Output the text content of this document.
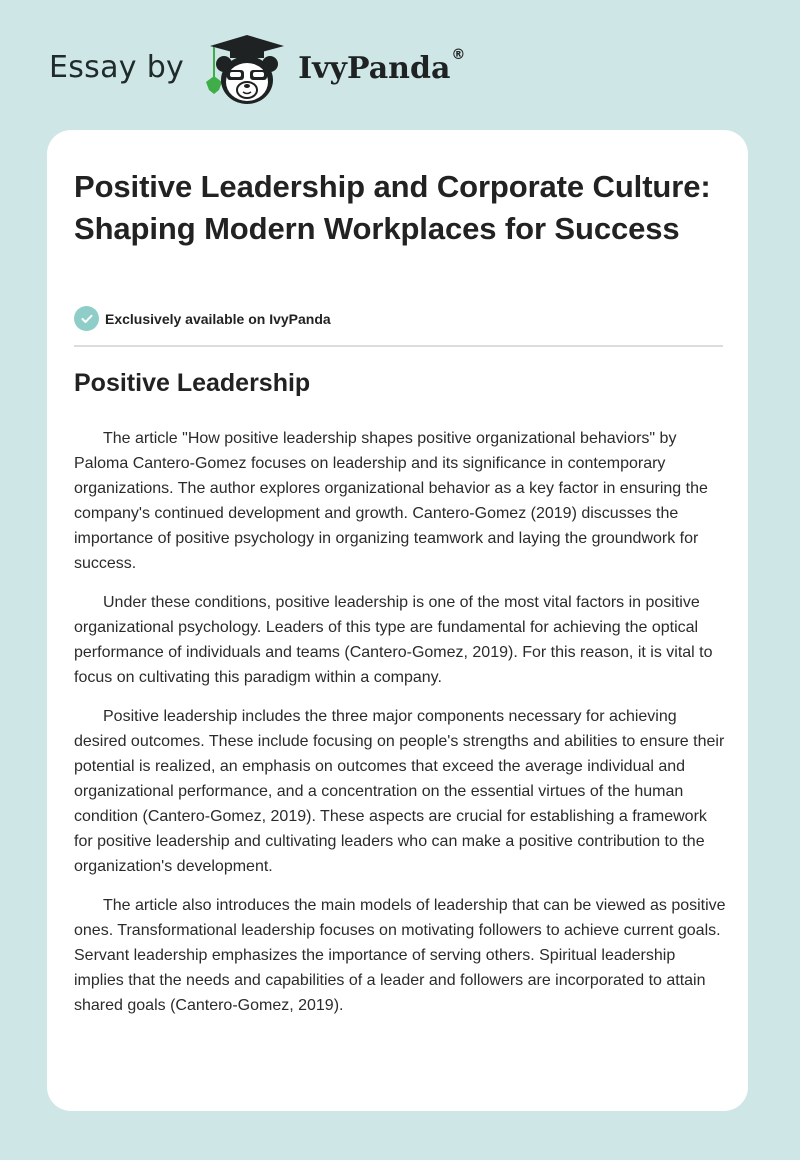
Essay by	IvyPanda®
Positive Leadership and Corporate Culture: Shaping Modern Workplaces for Success
Exclusively available on IvyPanda
Positive Leadership

The article "How positive leadership shapes positive organizational behaviors" by Paloma Cantero-Gomez focuses on leadership and its significance in contemporary organizations. The author explores organizational behavior as a key factor in ensuring the company's continued development and growth. Cantero-Gomez (2019) discusses the importance of positive psychology in organizing teamwork and laying the groundwork for success.

Under these conditions, positive leadership is one of the most vital factors in positive organizational psychology. Leaders of this type are fundamental for achieving the optical performance of individuals and teams (Cantero-Gomez, 2019). For this reason, it is vital to focus on cultivating this paradigm within a company.

Positive leadership includes the three major components necessary for achieving desired outcomes. These include focusing on people's strengths and abilities to ensure their potential is realized, an emphasis on outcomes that exceed the average individual and organizational performance, and a concentration on the essential virtues of the human condition (Cantero-Gomez, 2019). These aspects are crucial for establishing a framework for positive leadership and cultivating leaders who can make a positive contribution to the organization's development.

The article also introduces the main models of leadership that can be viewed as positive ones. Transformational leadership focuses on motivating followers to achieve current goals. Servant leadership emphasizes the importance of serving others. Spiritual leadership implies that the needs and capabilities of a leader and followers are incorporated to attain shared goals (Cantero-Gomez, 2019).
